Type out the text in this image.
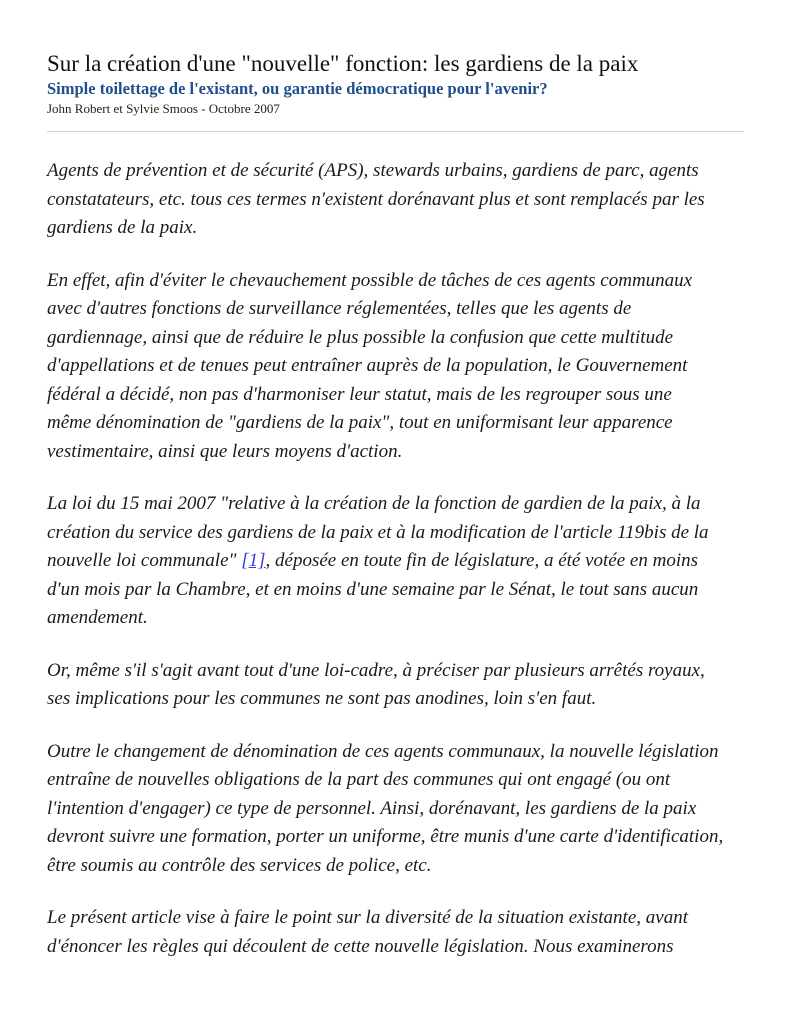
Sur la création d'une "nouvelle" fonction: les gardiens de la paix
Simple toilettage de l'existant, ou garantie démocratique pour l'avenir?
John Robert et Sylvie Smoos - Octobre 2007

Agents de prévention et de sécurité (APS), stewards urbains, gardiens de parc, agents
constatateurs, etc. tous ces termes n'existent dorénavant plus et sont remplacés par les
gardiens de la paix.

En effet, afin d'éviter le chevauchement possible de tâches de ces agents communaux
avec d'autres fonctions de surveillance réglementées, telles que les agents de
gardiennage, ainsi que de réduire le plus possible la confusion que cette multitude
d'appellations et de tenues peut entraîner auprès de la population, le Gouvernement
fédéral a décidé, non pas d'harmoniser leur statut, mais de les regrouper sous une
même dénomination de "gardiens de la paix", tout en uniformisant leur apparence
vestimentaire, ainsi que leurs moyens d'action.

La loi du 15 mai 2007 "relative à la création de la fonction de gardien de la paix, à la
création du service des gardiens de la paix et à la modification de l'article 119bis de la
nouvelle loi communale" [1], déposée en toute fin de législature, a été votée en moins
d'un mois par la Chambre, et en moins d'une semaine par le Sénat, le tout sans aucun
amendement.

Or, même s'il s'agit avant tout d'une loi-cadre, à préciser par plusieurs arrêtés royaux,
ses implications pour les communes ne sont pas anodines, loin s'en faut.

Outre le changement de dénomination de ces agents communaux, la nouvelle législation
entraîne de nouvelles obligations de la part des communes qui ont engagé (ou ont
l'intention d'engager) ce type de personnel. Ainsi, dorénavant, les gardiens de la paix
devront suivre une formation, porter un uniforme, être munis d'une carte d'identification,
être soumis au contrôle des services de police, etc.

Le présent article vise à faire le point sur la diversité de la situation existante, avant
d'énoncer les règles qui découlent de cette nouvelle législation. Nous examinerons
